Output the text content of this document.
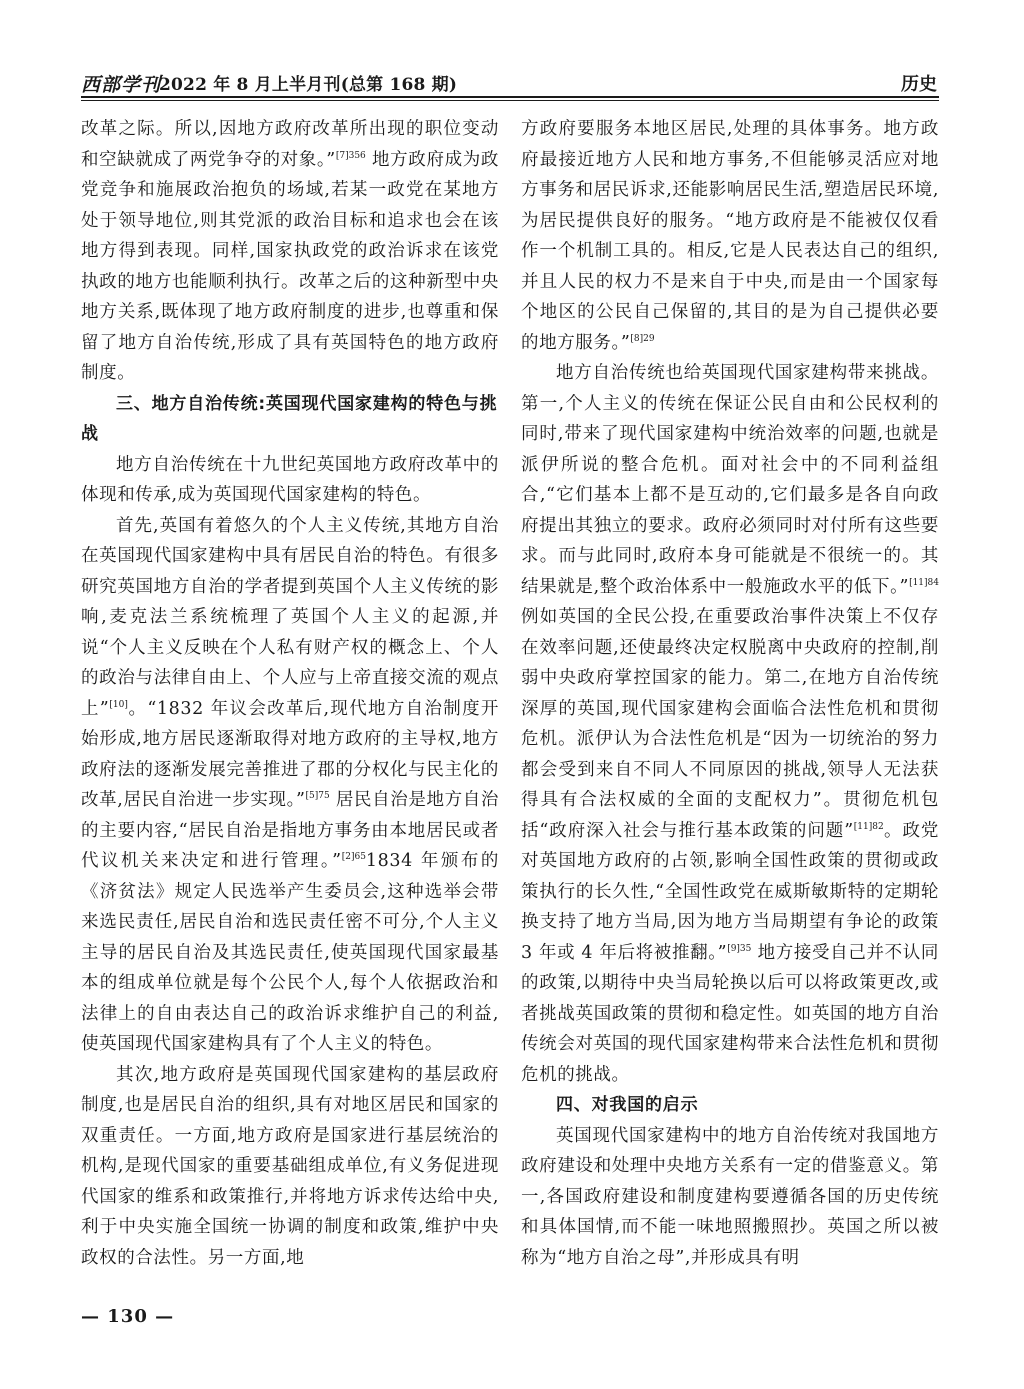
西部学刊
2022 年 8 月上半月刊(总第 168 期)	历史

改革之际。所以,因地方政府改革所出现的职位变动和空缺就成了两党争夺的对象。”$^{[7]356}$ 地方政府成为政党竞争和施展政治抱负的场域,若某一政党在某地方处于领导地位,则其党派的政治目标和追求也会在该地方得到表现。同样,国家执政党的政治诉求在该党执政的地方也能顺利执行。改革之后的这种新型中央地方关系,既体现了地方政府制度的进步,也尊重和保留了地方自治传统,形成了具有英国特色的地方政府制度。

三、地方自治传统:英国现代国家建构的特色与挑战

地方自治传统在十九世纪英国地方政府改革中的体现和传承,成为英国现代国家建构的特色。

首先,英国有着悠久的个人主义传统,其地方自治在英国现代国家建构中具有居民自治的特色。有很多研究英国地方自治的学者提到英国个人主义传统的影响,麦克法兰系统梳理了英国个人主义的起源,并说“个人主义反映在个人私有财产权的概念上、个人的政治与法律自由上、个人应与上帝直接交流的观点上”[10]。“1832 年议会改革后,现代地方自治制度开始形成,地方居民逐渐取得对地方政府的主导权,地方政府法的逐渐发展完善推进了郡的分权化与民主化的改革,居民自治进一步实现。”$^{[5]75}$ 居民自治是地方自治的主要内容,“居民自治是指地方事务由本地居民或者代议机关来决定和进行管理。”$^{[2]65}$1834 年颁布的《济贫法》规定人民选举产生委员会,这种选举会带来选民责任,居民自治和选民责任密不可分,个人主义主导的居民自治及其选民责任,使英国现代国家最基本的组成单位就是每个公民个人,每个人依据政治和法律上的自由表达自己的政治诉求维护自己的利益,使英国现代国家建构具有了个人主义的特色。

其次,地方政府是英国现代国家建构的基层政府制度,也是居民自治的组织,具有对地区居民和国家的双重责任。一方面,地方政府是国家进行基层统治的机构,是现代国家的重要基础组成单位,有义务促进现代国家的维系和政策推行,并将地方诉求传达给中央,利于中央实施全国统一协调的制度和政策,维护中央政权的合法性。另一方面,地

方政府要服务本地区居民,处理的具体事务。地方政府最接近地方人民和地方事务,不但能够灵活应对地方事务和居民诉求,还能影响居民生活,塑造居民环境,为居民提供良好的服务。“地方政府是不能被仅仅看作一个机制工具的。相反,它是人民表达自己的组织,并且人民的权力不是来自于中央,而是由一个国家每个地区的公民自己保留的,其目的是为自己提供必要的地方服务。”$^{[8]29}$

地方自治传统也给英国现代国家建构带来挑战。第一,个人主义的传统在保证公民自由和公民权利的同时,带来了现代国家建构中统治效率的问题,也就是派伊所说的整合危机。面对社会中的不同利益组合,“它们基本上都不是互动的,它们最多是各自向政府提出其独立的要求。政府必须同时对付所有这些要求。而与此同时,政府本身可能就是不很统一的。其结果就是,整个政治体系中一般施政水平的低下。”$^{[11]84}$ 例如英国的全民公投,在重要政治事件决策上不仅存在效率问题,还使最终决定权脱离中央政府的控制,削弱中央政府掌控国家的能力。第二,在地方自治传统深厚的英国,现代国家建构会面临合法性危机和贯彻危机。派伊认为合法性危机是“因为一切统治的努力都会受到来自不同人不同原因的挑战,领导人无法获得具有合法权威的全面的支配权力”。贯彻危机包括“政府深入社会与推行基本政策的问题”$^{[11]82}$。政党对英国地方政府的占领,影响全国性政策的贯彻或政策执行的长久性,“全国性政党在威斯敏斯特的定期轮换支持了地方当局,因为地方当局期望有争论的政策 3 年或 4 年后将被推翻。”$^{[9]35}$ 地方接受自己并不认同的政策,以期待中央当局轮换以后可以将政策更改,或者挑战英国政策的贯彻和稳定性。如英国的地方自治传统会对英国的现代国家建构带来合法性危机和贯彻危机的挑战。

四、对我国的启示

英国现代国家建构中的地方自治传统对我国地方政府建设和处理中央地方关系有一定的借鉴意义。第一,各国政府建设和制度建构要遵循各国的历史传统和具体国情,而不能一味地照搬照抄。英国之所以被称为“地方自治之母”,并形成具有明

— 130 —
